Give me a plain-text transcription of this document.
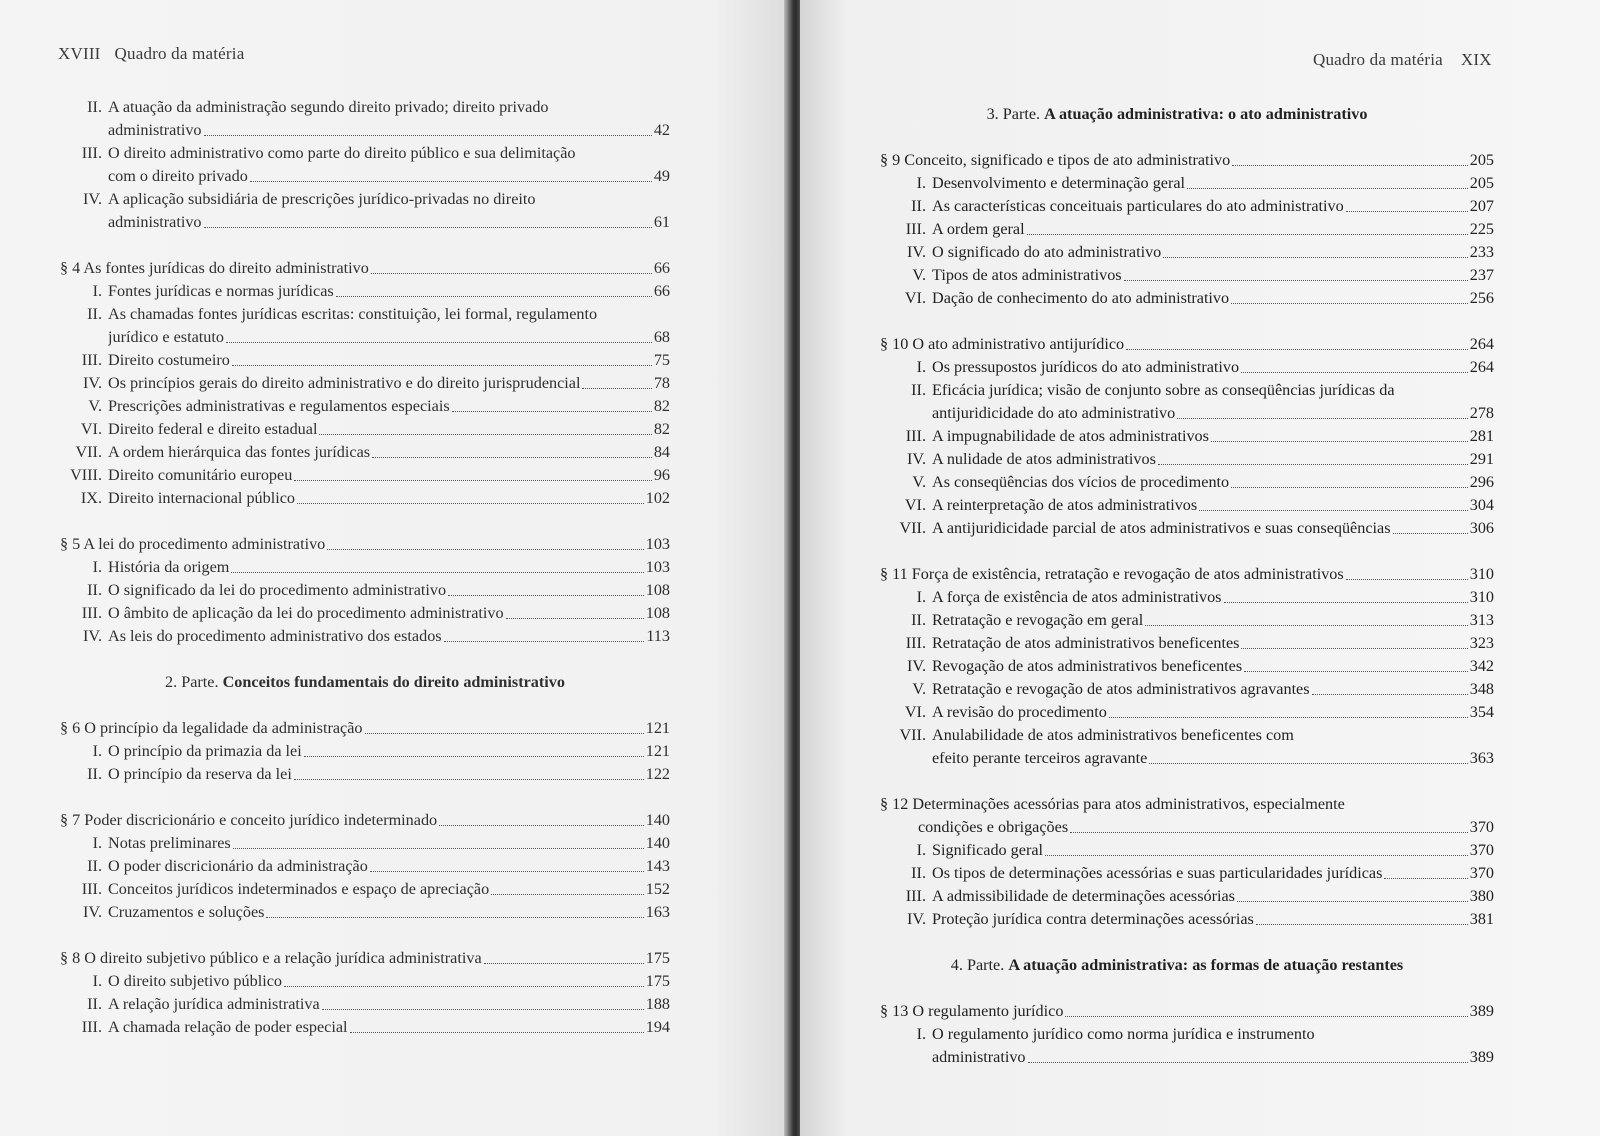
XVIII Quadro da matéria
II. A atuação da administração segundo direito privado; direito privado
administrativo	42
III. O direito administrativo como parte do direito público e sua delimitação
com o direito privado	49
IV. A aplicação subsidiária de prescrições jurídico-privadas no direito
administrativo	61
§ 4 As fontes jurídicas do direito administrativo	66
I. Fontes jurídicas e normas jurídicas	66
II. As chamadas fontes jurídicas escritas: constituição, lei formal, regulamento
jurídico e estatuto	68
III. Direito costumeiro	75
IV. Os princípios gerais do direito administrativo e do direito jurisprudencial	78
V. Prescrições administrativas e regulamentos especiais	82
VI. Direito federal e direito estadual	82
VII. A ordem hierárquica das fontes jurídicas	84
VIII. Direito comunitário europeu	96
IX. Direito internacional público	102
§ 5 A lei do procedimento administrativo	103
I. História da origem	103
II. O significado da lei do procedimento administrativo	108
III. O âmbito de aplicação da lei do procedimento administrativo	108
IV. As leis do procedimento administrativo dos estados	113
2. Parte. Conceitos fundamentais do direito administrativo
§ 6 O princípio da legalidade da administração	121
I. O princípio da primazia da lei	121
II. O princípio da reserva da lei	122
§ 7 Poder discricionário e conceito jurídico indeterminado	140
I. Notas preliminares	140
II. O poder discricionário da administração	143
III. Conceitos jurídicos indeterminados e espaço de apreciação	152
IV. Cruzamentos e soluções	163
§ 8 O direito subjetivo público e a relação jurídica administrativa	175
I. O direito subjetivo público	175
II. A relação jurídica administrativa	188
III. A chamada relação de poder especial	194
Quadro da matéria XIX
3. Parte. A atuação administrativa: o ato administrativo
§ 9 Conceito, significado e tipos de ato administrativo	205
I. Desenvolvimento e determinação geral	205
II. As características conceituais particulares do ato administrativo	207
III. A ordem geral	225
IV. O significado do ato administrativo	233
V. Tipos de atos administrativos	237
VI. Dação de conhecimento do ato administrativo	256
§ 10 O ato administrativo antijurídico	264
I. Os pressupostos jurídicos do ato administrativo	264
II. Eficácia jurídica; visão de conjunto sobre as conseqüências jurídicas da
antijuridicidade do ato administrativo	278
III. A impugnabilidade de atos administrativos	281
IV. A nulidade de atos administrativos	291
V. As conseqüências dos vícios de procedimento	296
VI. A reinterpretação de atos administrativos	304
VII. A antijuridicidade parcial de atos administrativos e suas conseqüências	306
§ 11 Força de existência, retratação e revogação de atos administrativos	310
I. A força de existência de atos administrativos	310
II. Retratação e revogação em geral	313
III. Retratação de atos administrativos beneficentes	323
IV. Revogação de atos administrativos beneficentes	342
V. Retratação e revogação de atos administrativos agravantes	348
VI. A revisão do procedimento	354
VII. Anulabilidade de atos administrativos beneficentes com
efeito perante terceiros agravante	363
§ 12 Determinações acessórias para atos administrativos, especialmente
condições e obrigações	370
I. Significado geral	370
II. Os tipos de determinações acessórias e suas particularidades jurídicas	370
III. A admissibilidade de determinações acessórias	380
IV. Proteção jurídica contra determinações acessórias	381
4. Parte. A atuação administrativa: as formas de atuação restantes
§ 13 O regulamento jurídico	389
I. O regulamento jurídico como norma jurídica e instrumento
administrativo	389
